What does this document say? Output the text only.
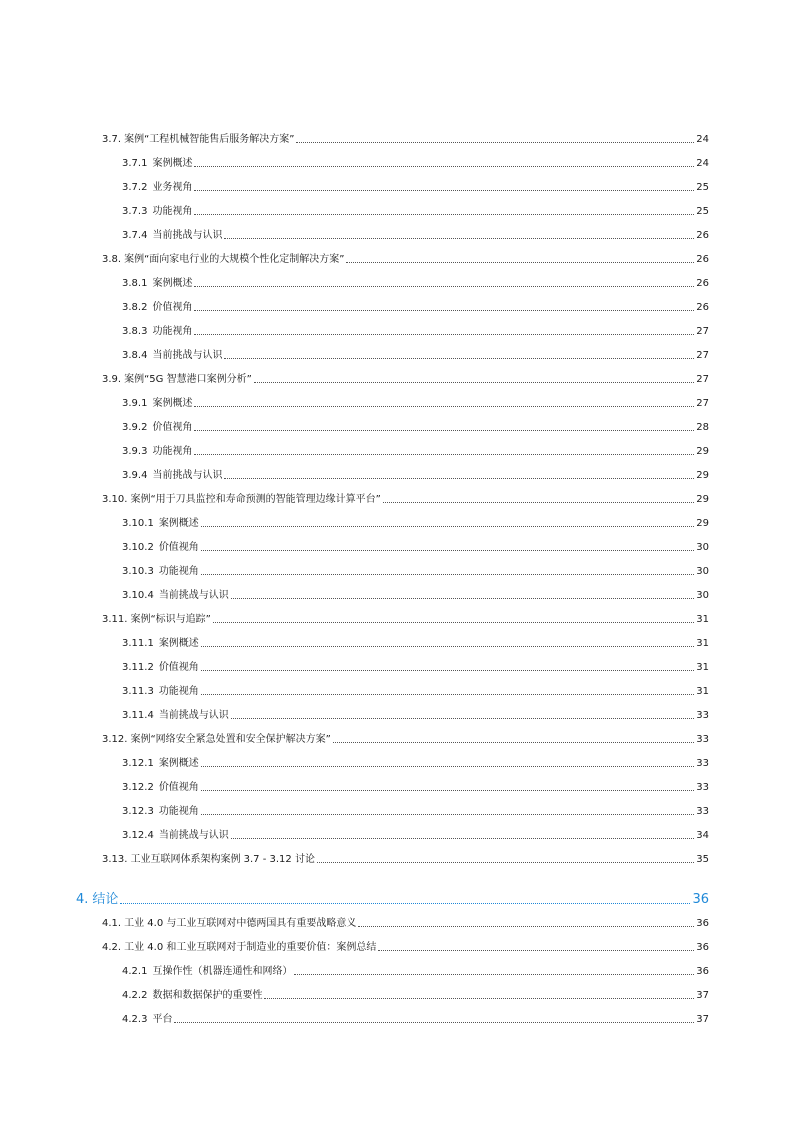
3.7. 案例“工程机械智能售后服务解决方案”	24
3.7.1 案例概述	24
3.7.2 业务视角	25
3.7.3 功能视角	25
3.7.4 当前挑战与认识	26
3.8. 案例“面向家电行业的大规模个性化定制解决方案”	26
3.8.1 案例概述	26
3.8.2 价值视角	26
3.8.3 功能视角	27
3.8.4 当前挑战与认识	27
3.9. 案例“5G 智慧港口案例分析”	27
3.9.1 案例概述	27
3.9.2 价值视角	28
3.9.3 功能视角	29
3.9.4 当前挑战与认识	29
3.10. 案例“用于刀具监控和寿命预测的智能管理边缘计算平台”	29
3.10.1 案例概述	29
3.10.2 价值视角	30
3.10.3 功能视角	30
3.10.4 当前挑战与认识	30
3.11. 案例“标识与追踪”	31
3.11.1 案例概述	31
3.11.2 价值视角	31
3.11.3 功能视角	31
3.11.4 当前挑战与认识	33
3.12. 案例“网络安全紧急处置和安全保护解决方案”	33
3.12.1 案例概述	33
3.12.2 价值视角	33
3.12.3 功能视角	33
3.12.4 当前挑战与认识	34
3.13. 工业互联网体系架构案例 3.7 - 3.12 讨论	35
4. 结论	36
4.1. 工业 4.0 与工业互联网对中德两国具有重要战略意义	36
4.2. 工业 4.0 和工业互联网对于制造业的重要价值：案例总结	36
4.2.1 互操作性（机器连通性和网络）	36
4.2.2 数据和数据保护的重要性	37
4.2.3 平台	37
